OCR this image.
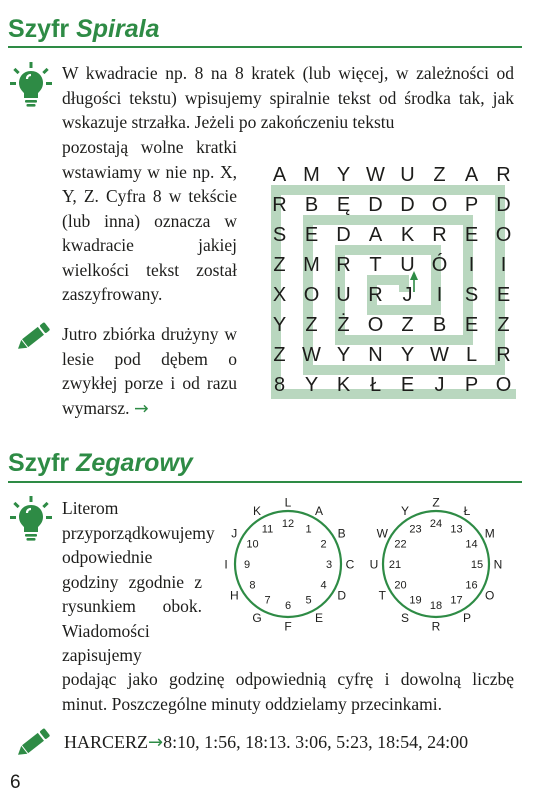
Szyfr Spirala

W kwadracie np. 8 na 8 kratek (lub więcej, w zależności od długości tekstu) wpisujemy spiralnie tekst od środka tak, jak wskazuje strzałka. Jeżeli po zakończeniu tekstu

pozostają wolne kratki wstawiamy w nie np. X, Y, Z. Cyfra 8 w tekście (lub inna) oznacza w kwadracie jakiej wielkości tekst został zaszyfrowany.

Jutro zbiórka drużyny w lesie pod dębem o zwykłej porze i od razu wymarsz. →

A M Y W U Z A R
R B Ę D D O P D
S E D A K R E O
Z M R T U Ó	I	I
X O U R J	I	S E
Y Z Ż O Z B E Z
Z W Y N Y W L R
8 Y K Ł E	J	P O
Szyfr Zegarowy

Literom przyporządkowujemy odpowiednie godziny zgodnie z rysunkiem obok. Wiadomości zapisujemy

12
L
1
A
2
B
3 C
4
D
5
E
6
F
7
G
8
H
9
I
10
J 11
K
24
Z
13
Ł
14
M
15 N
16
O
17
P
18
R
19
S
20
T
21
U
22
W 23
Y

podając jako godzinę odpowiednią cyfrę i dowolną liczbę minut. Poszczególne minuty oddzielamy przecinkami.

HARCERZ→8:10, 1:56, 18:13. 3:06, 5:23, 18:54, 24:00
6
